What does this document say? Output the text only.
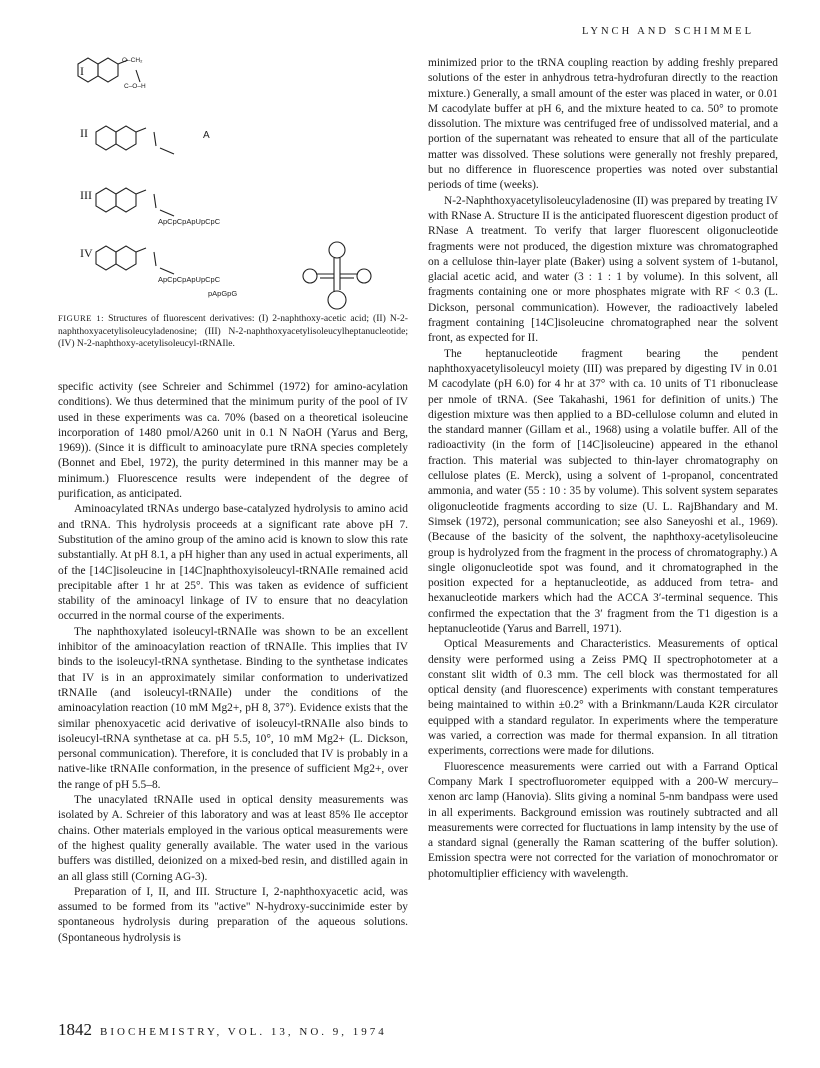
LYNCH AND SCHIMMEL
O–CH₂
C–O–H
A
ApCpCpApUpCpC
ApCpCpApUpCpC
pApGpG
I
II
III
IV
FIGURE 1: Structures of fluorescent derivatives: (I) 2-naphthoxy-acetic acid; (II) N-2-naphthoxyacetylisoleucyladenosine; (III) N-2-naphthoxyacetylisoleucylheptanucleotide; (IV) N-2-naphthoxy-acetylisoleucyl-tRNAIle.

specific activity (see Schreier and Schimmel (1972) for amino-acylation conditions). We thus determined that the minimum purity of the pool of IV used in these experiments was ca. 70% (based on a theoretical isoleucine incorporation of 1480 pmol/A260 unit in 0.1 N NaOH (Yarus and Berg, 1969)). (Since it is difficult to aminoacylate pure tRNA species completely (Bonnet and Ebel, 1972), the purity determined in this manner may be a minimum.) Fluorescence results were independent of the degree of purification, as anticipated.

Aminoacylated tRNAs undergo base-catalyzed hydrolysis to amino acid and tRNA. This hydrolysis proceeds at a significant rate above pH 7. Substitution of the amino group of the amino acid is known to slow this rate substantially. At pH 8.1, a pH higher than any used in actual experiments, all of the [14C]isoleucine in [14C]naphthoxyisoleucyl-tRNAIle remained acid precipitable after 1 hr at 25°. This was taken as evidence of sufficient stability of the aminoacyl linkage of IV to ensure that no deacylation occurred in the normal course of the experiments.

The naphthoxylated isoleucyl-tRNAIle was shown to be an excellent inhibitor of the aminoacylation reaction of tRNAIle. This implies that IV binds to the isoleucyl-tRNA synthetase. Binding to the synthetase indicates that IV is in an approximately similar conformation to underivatized tRNAIle (and isoleucyl-tRNAIle) under the conditions of the aminoacylation reaction (10 mM Mg2+, pH 8, 37°). Evidence exists that the similar phenoxyacetic acid derivative of isoleucyl-tRNAIle also binds to isoleucyl-tRNA synthetase at ca. pH 5.5, 10°, 10 mM Mg2+ (L. Dickson, personal communication). Therefore, it is concluded that IV is probably in a native-like tRNAIle conformation, in the presence of sufficient Mg2+, over the range of pH 5.5–8.

The unacylated tRNAIle used in optical density measurements was isolated by A. Schreier of this laboratory and was at least 85% Ile acceptor chains. Other materials employed in the various optical measurements were of the highest quality generally available. The water used in the various buffers was distilled, deionized on a mixed-bed resin, and distilled again in an all glass still (Corning AG-3).

Preparation of I, II, and III. Structure I, 2-naphthoxyacetic acid, was assumed to be formed from its "active" N-hydroxy-succinimide ester by spontaneous hydrolysis during preparation of the aqueous solutions. (Spontaneous hydrolysis is

minimized prior to the tRNA coupling reaction by adding freshly prepared solutions of the ester in anhydrous tetra-hydrofuran directly to the reaction mixture.) Generally, a small amount of the ester was placed in water, or 0.01 M cacodylate buffer at pH 6, and the mixture heated to ca. 50° to promote dissolution. The mixture was centrifuged free of undissolved material, and a portion of the supernatant was reheated to ensure that all of the particulate matter was dissolved. These solutions were generally not freshly prepared, but no difference in fluorescence properties was noted over substantial periods of time (weeks).

N-2-Naphthoxyacetylisoleucyladenosine (II) was prepared by treating IV with RNase A. Structure II is the anticipated fluorescent digestion product of RNase A treatment. To verify that larger fluorescent oligonucleotide fragments were not produced, the digestion mixture was chromatographed on a cellulose thin-layer plate (Baker) using a solvent system of 1-butanol, glacial acetic acid, and water (3 : 1 : 1 by volume). In this solvent, all fragments containing one or more phosphates migrate with RF < 0.3 (L. Dickson, personal communication). However, the radioactively labeled fragment containing [14C]isoleucine chromatographed near the solvent front, as expected for II.

The heptanucleotide fragment bearing the pendent naphthoxyacetylisoleucyl moiety (III) was prepared by digesting IV in 0.01 M cacodylate (pH 6.0) for 4 hr at 37° with ca. 10 units of T1 ribonuclease per nmole of tRNA. (See Takahashi, 1961 for definition of units.) The digestion mixture was then applied to a BD-cellulose column and eluted in the standard manner (Gillam et al., 1968) using a volatile buffer. All of the radioactivity (in the form of [14C]isoleucine) appeared in the ethanol fraction. This material was subjected to thin-layer chromatography on cellulose plates (E. Merck), using a solvent of 1-propanol, concentrated ammonia, and water (55 : 10 : 35 by volume). This solvent system separates oligonucleotide fragments according to size (U. L. RajBhandary and M. Simsek (1972), personal communication; see also Saneyoshi et al., 1969). (Because of the basicity of the solvent, the naphthoxy-acetylisoleucine group is hydrolyzed from the fragment in the process of chromatography.) A single oligonucleotide spot was found, and it chromatographed in the position expected for a heptanucleotide, as adduced from tetra- and hexanucleotide markers which had the ACCA 3′-terminal sequence. This confirmed the expectation that the 3′ fragment from the T1 digestion is a heptanucleotide (Yarus and Barrell, 1971).

Optical Measurements and Characteristics. Measurements of optical density were performed using a Zeiss PMQ II spectrophotometer at a constant slit width of 0.3 mm. The cell block was thermostated for all optical density (and fluorescence) experiments with constant temperatures being maintained to within ±0.2° with a Brinkmann/Lauda K2R circulator equipped with a standard regulator. In experiments where the temperature was varied, a correction was made for thermal expansion. In all titration experiments, corrections were made for dilutions.

Fluorescence measurements were carried out with a Farrand Optical Company Mark I spectrofluorometer equipped with a 200-W mercury–xenon arc lamp (Hanovia). Slits giving a nominal 5-nm bandpass were used in all experiments. Background emission was routinely subtracted and all measurements were corrected for fluctuations in lamp intensity by the use of a standard signal (generally the Raman scattering of the buffer solution). Emission spectra were not corrected for the variation of monochromator or photomultiplier efficiency with wavelength.

1842 BIOCHEMISTRY, VOL. 13, NO. 9, 1974
